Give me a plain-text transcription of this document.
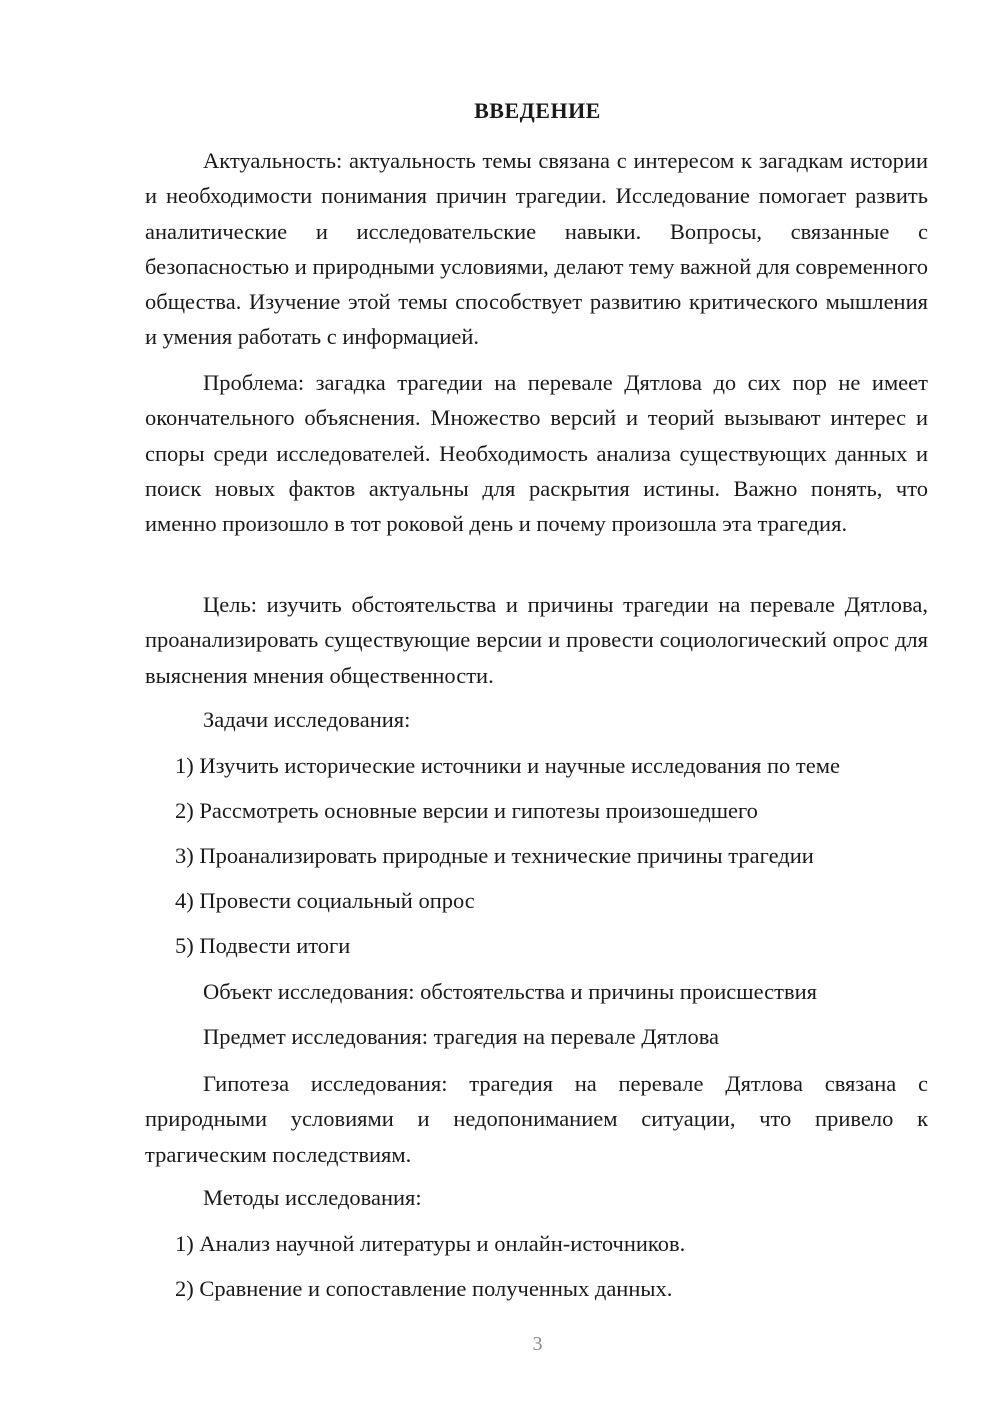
ВВЕДЕНИЕ

Актуальность: актуальность темы связана с интересом к загадкам истории и необходимости понимания причин трагедии. Исследование помогает развить аналитические и исследовательские навыки. Вопросы, связанные с безопасностью и природными условиями, делают тему важной для современного общества. Изучение этой темы способствует развитию критического мышления и умения работать с информацией.

Проблема: загадка трагедии на перевале Дятлова до сих пор не имеет окончательного объяснения. Множество версий и теорий вызывают интерес и споры среди исследователей. Необходимость анализа существующих данных и поиск новых фактов актуальны для раскрытия истины. Важно понять, что именно произошло в тот роковой день и почему произошла эта трагедия.

Цель: изучить обстоятельства и причины трагедии на перевале Дятлова, проанализировать существующие версии и провести социологический опрос для выяснения мнения общественности.

Задачи исследования:

1) Изучить исторические источники и научные исследования по теме

2) Рассмотреть основные версии и гипотезы произошедшего

3) Проанализировать природные и технические причины трагедии

4) Провести социальный опрос

5) Подвести итоги

Объект исследования: обстоятельства и причины происшествия

Предмет исследования: трагедия на перевале Дятлова

Гипотеза исследования: трагедия на перевале Дятлова связана с природными условиями и недопониманием ситуации, что привело к трагическим последствиям.

Методы исследования:

1) Анализ научной литературы и онлайн-источников.

2) Сравнение и сопоставление полученных данных.

3
